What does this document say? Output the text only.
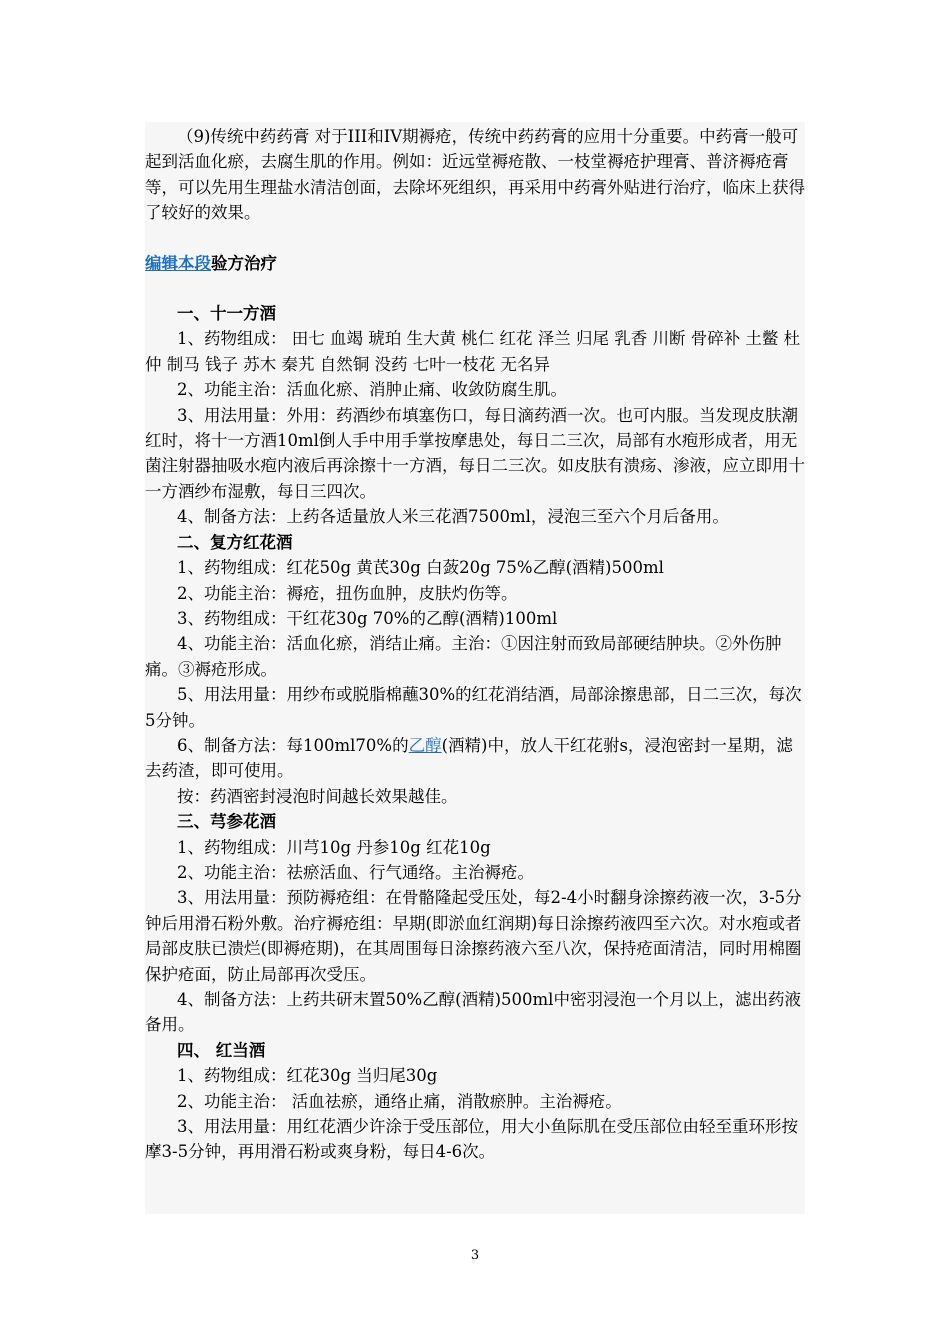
（9)传统中药药膏 对于III和IV期褥疮，传统中药药膏的应用十分重要。中药膏一般可起到活血化瘀，去腐生肌的作用。例如：近远堂褥疮散、一枝堂褥疮护理膏、普济褥疮膏等，可以先用生理盐水清洁创面，去除坏死组织，再采用中药膏外贴进行治疗，临床上获得了较好的效果。

编辑本段验方治疗

一、十一方酒

1、药物组成： 田七 血竭 琥珀 生大黄 桃仁 红花 泽兰 归尾 乳香 川断 骨碎补 土鳖 杜仲 制马 钱子 苏木 秦艽 自然铜 没药 七叶一枝花 无名异

2、功能主治：活血化瘀、消肿止痛、收敛防腐生肌。

3、用法用量：外用：药酒纱布填塞伤口，每日滴药酒一次。也可内服。当发现皮肤潮红时，将十一方酒10ml倒人手中用手掌按摩患处，每日二三次，局部有水疱形成者，用无菌注射器抽吸水疱内液后再涂擦十一方酒，每日二三次。如皮肤有溃疡、渗液，应立即用十一方酒纱布湿敷，每日三四次。

4、制备方法：上药各适量放人米三花酒7500ml，浸泡三至六个月后备用。

二、复方红花酒

1、药物组成：红花50g 黄芪30g 白蔹20g 75%乙醇(酒精)500ml

2、功能主治：褥疮，扭伤血肿，皮肤灼伤等。

3、药物组成：干红花30g 70%的乙醇(酒精)100ml

4、功能主治：活血化瘀，消结止痛。主治：①因注射而致局部硬结肿块。②外伤肿痛。③褥疮形成。

5、用法用量：用纱布或脱脂棉蘸30%的红花消结酒，局部涂擦患部，日二三次，每次5分钟。

6、制备方法：每100ml70%的乙醇(酒精)中，放人干红花驸s，浸泡密封一星期，滤去药渣，即可使用。

按：药酒密封浸泡时间越长效果越佳。

三、芎参花酒

1、药物组成：川芎10g 丹参10g 红花10g

2、功能主治：祛瘀活血、行气通络。主治褥疮。

3、用法用量：预防褥疮组：在骨骼隆起受压处，每2-4小时翻身涂擦药液一次，3-5分钟后用滑石粉外敷。治疗褥疮组：早期(即淤血红润期)每日涂擦药液四至六次。对水疱或者局部皮肤已溃烂(即褥疮期)，在其周围每日涂擦药液六至八次，保持疮面清洁，同时用棉圈保护疮面，防止局部再次受压。

4、制备方法：上药共研末置50%乙醇(酒精)500ml中密羽浸泡一个月以上，滤出药液备用。

四、 红当酒

1、药物组成：红花30g 当归尾30g

2、功能主治： 活血祛瘀，通络止痛，消散瘀肿。主治褥疮。

3、用法用量：用红花酒少许涂于受压部位，用大小鱼际肌在受压部位由轻至重环形按摩3-5分钟，再用滑石粉或爽身粉，每日4-6次。

3
